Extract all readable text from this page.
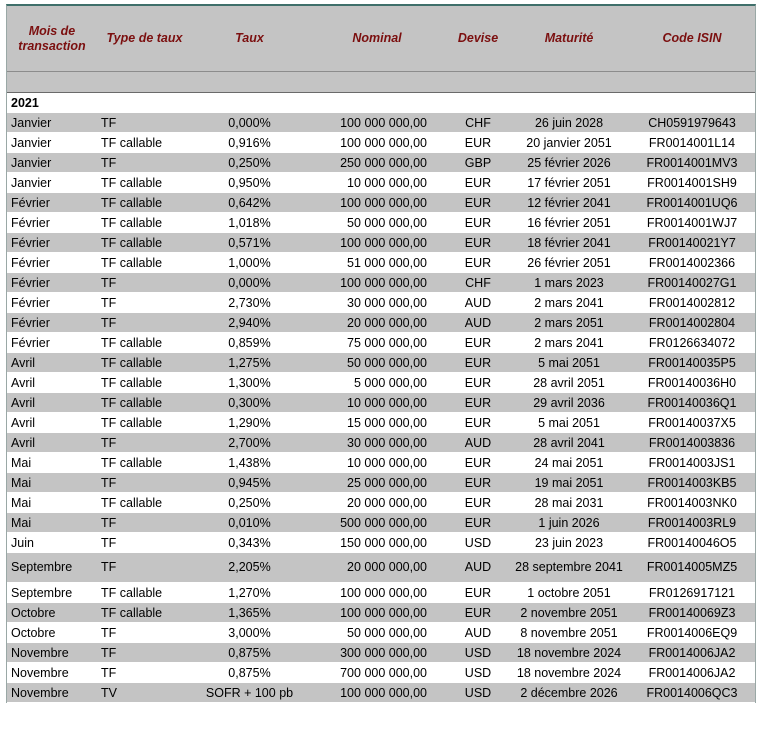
Mois de transaction	Type de taux	Taux	Nominal	Devise	Maturité	Code ISIN

2021						
Janvier	TF	0,000%	100 000 000,00	CHF	26 juin 2028	CH0591979643
Janvier	TF callable	0,916%	100 000 000,00	EUR	20 janvier 2051	FR0014001L14
Janvier	TF	0,250%	250 000 000,00	GBP	25 février 2026	FR0014001MV3
Janvier	TF callable	0,950%	10 000 000,00	EUR	17 février 2051	FR0014001SH9
Février	TF callable	0,642%	100 000 000,00	EUR	12 février 2041	FR0014001UQ6
Février	TF callable	1,018%	50 000 000,00	EUR	16 février 2051	FR0014001WJ7
Février	TF callable	0,571%	100 000 000,00	EUR	18 février 2041	FR00140021Y7
Février	TF callable	1,000%	51 000 000,00	EUR	26 février 2051	FR0014002366
Février	TF	0,000%	100 000 000,00	CHF	1 mars 2023	FR00140027G1
Février	TF	2,730%	30 000 000,00	AUD	2 mars 2041	FR0014002812
Février	TF	2,940%	20 000 000,00	AUD	2 mars 2051	FR0014002804
Février	TF callable	0,859%	75 000 000,00	EUR	2 mars 2041	FR0126634072
Avril	TF callable	1,275%	50 000 000,00	EUR	5 mai 2051	FR00140035P5
Avril	TF callable	1,300%	5 000 000,00	EUR	28 avril 2051	FR00140036H0
Avril	TF callable	0,300%	10 000 000,00	EUR	29 avril 2036	FR00140036Q1
Avril	TF callable	1,290%	15 000 000,00	EUR	5 mai 2051	FR00140037X5
Avril	TF	2,700%	30 000 000,00	AUD	28 avril 2041	FR0014003836
Mai	TF callable	1,438%	10 000 000,00	EUR	24 mai 2051	FR0014003JS1
Mai	TF	0,945%	25 000 000,00	EUR	19 mai 2051	FR0014003KB5
Mai	TF callable	0,250%	20 000 000,00	EUR	28 mai 2031	FR0014003NK0
Mai	TF	0,010%	500 000 000,00	EUR	1 juin 2026	FR0014003RL9
Juin	TF	0,343%	150 000 000,00	USD	23 juin 2023	FR00140046O5
Septembre	TF	2,205%	20 000 000,00	AUD	28 septembre 2041	FR0014005MZ5
Septembre	TF callable	1,270%	100 000 000,00	EUR	1 octobre 2051	FR0126917121
Octobre	TF callable	1,365%	100 000 000,00	EUR	2 novembre 2051	FR00140069Z3
Octobre	TF	3,000%	50 000 000,00	AUD	8 novembre 2051	FR0014006EQ9
Novembre	TF	0,875%	300 000 000,00	USD	18 novembre 2024	FR0014006JA2
Novembre	TF	0,875%	700 000 000,00	USD	18 novembre 2024	FR0014006JA2
Novembre	TV	SOFR + 100 pb	100 000 000,00	USD	2 décembre 2026	FR0014006QC3
